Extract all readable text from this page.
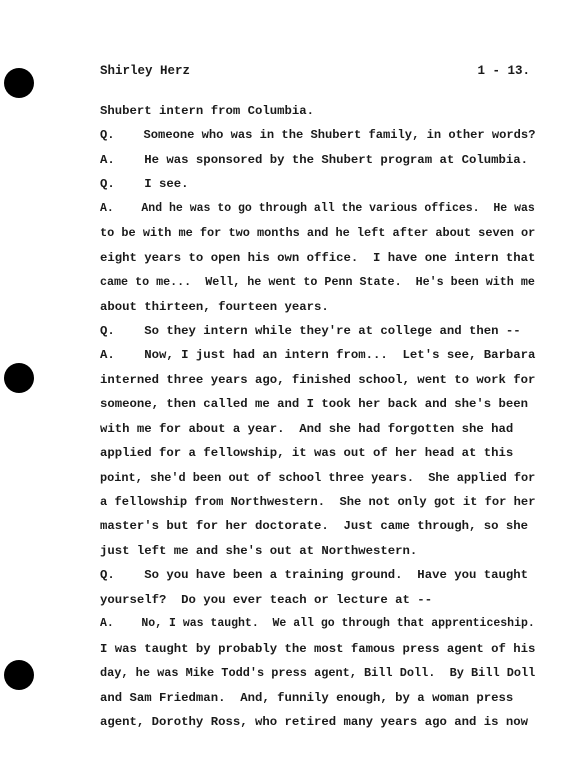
Shirley Herz	1 - 13.
Shubert intern from Columbia.
Q.    Someone who was in the Shubert family, in other words?
A.    He was sponsored by the Shubert program at Columbia.
Q.    I see.
A.    And he was to go through all the various offices.  He was
to be with me for two months and he left after about seven or
eight years to open his own office.  I have one intern that
came to me...  Well, he went to Penn State.  He's been with me
about thirteen, fourteen years.
Q.    So they intern while they're at college and then --
A.    Now, I just had an intern from...  Let's see, Barbara
interned three years ago, finished school, went to work for
someone, then called me and I took her back and she's been
with me for about a year.  And she had forgotten she had
applied for a fellowship, it was out of her head at this
point, she'd been out of school three years.  She applied for
a fellowship from Northwestern.  She not only got it for her
master's but for her doctorate.  Just came through, so she
just left me and she's out at Northwestern.
Q.    So you have been a training ground.  Have you taught
yourself?  Do you ever teach or lecture at --
A.    No, I was taught.  We all go through that apprenticeship.
I was taught by probably the most famous press agent of his
day, he was Mike Todd's press agent, Bill Doll.  By Bill Doll
and Sam Friedman.  And, funnily enough, by a woman press
agent, Dorothy Ross, who retired many years ago and is now
